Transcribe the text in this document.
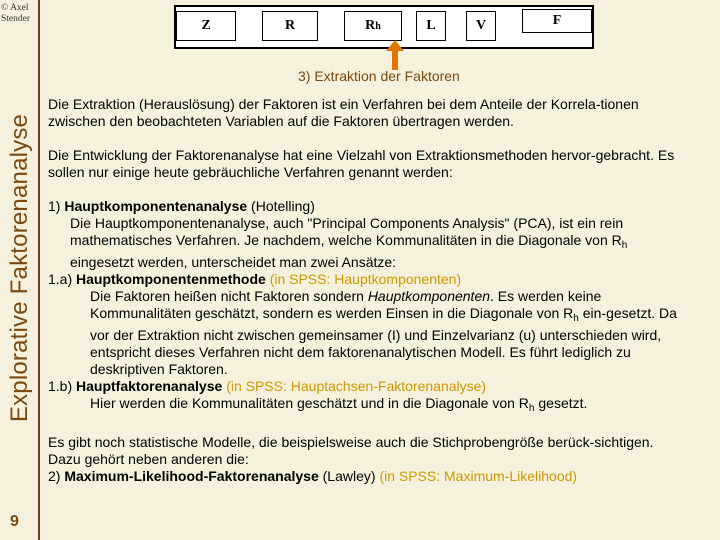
© Axel
Stender
Explorative Faktorenanalyse
9
Z	R	R h	L	V	F
3) Extraktion der Faktoren

Die Extraktion (Herauslösung) der Faktoren ist ein Verfahren bei dem Anteile der Korrela-tionen zwischen den beobachteten Variablen auf die Faktoren übertragen werden.

Die Entwicklung der Faktorenanalyse hat eine Vielzahl von Extraktionsmethoden hervor-gebracht. Es sollen nur einige heute gebräuchliche Verfahren genannt werden:

1) Hauptkomponentenanalyse (Hotelling)
Die Hauptkomponentenanalyse, auch "Principal Components Analysis" (PCA), ist ein rein mathematisches Verfahren. Je nachdem, welche Kommunalitäten in die Diagonale von $R_h$ eingesetzt werden, unterscheidet man zwei Ansätze:
1.a) Hauptkomponentenmethode (in SPSS: Hauptkomponenten)
Die Faktoren heißen nicht Faktoren sondern Hauptkomponenten. Es werden keine Kommunalitäten geschätzt, sondern es werden Einsen in die Diagonale von $R_h$ ein-gesetzt. Da vor der Extraktion nicht zwischen gemeinsamer (I) und Einzelvarianz (u) unterschieden wird, entspricht dieses Verfahren nicht dem faktorenanalytischen Modell. Es führt lediglich zu deskriptiven Faktoren.
1.b) Hauptfaktorenanalyse (in SPSS: Hauptachsen-Faktorenanalyse)
Hier werden die Kommunalitäten geschätzt und in die Diagonale von $R_h$ gesetzt.

Es gibt noch statistische Modelle, die beispielsweise auch die Stichprobengröße berück-sichtigen. Dazu gehört neben anderen die:

2) Maximum-Likelihood-Faktorenanalyse (Lawley) (in SPSS: Maximum-Likelihood)
